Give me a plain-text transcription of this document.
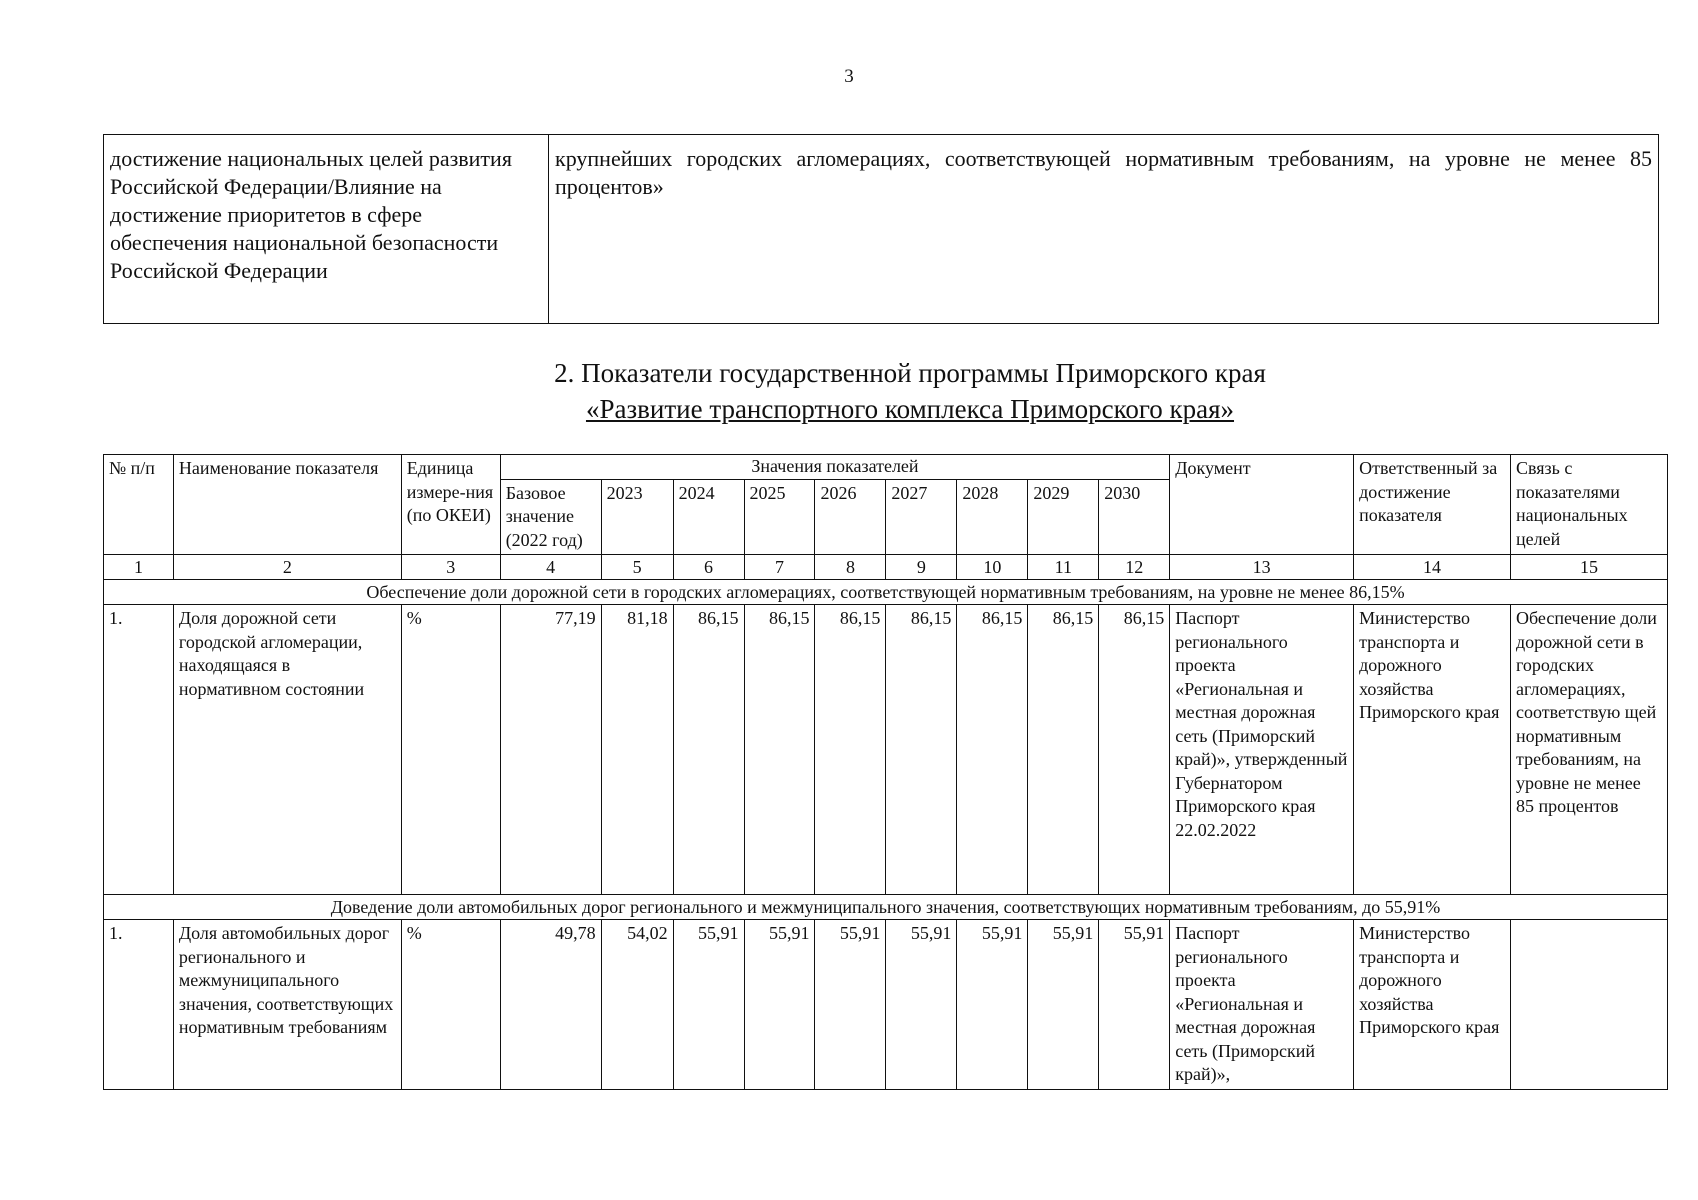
3
достижение национальных целей развития Российской Федерации/Влияние на достижение приоритетов в сфере обеспечения национальной безопасности Российской Федерации	крупнейших городских агломерациях, соответствующей нормативным требованиям, на уровне не менее 85 процентов»
2. Показатели государственной программы Приморского края
«Развитие транспортного комплекса Приморского края»
№ п/п	Наименование показателя	Единица измере-ния (по ОКЕИ)	Значения показателей									Документ	Ответственный за достижение показателя	Связь с показателями национальных целей
			Базовое значение (2022 год)	2023	2024	2025	2026	2027	2028	2029	2030			
1	2	3	4	5	6	7	8	9	10	11	12	13	14	15
Обеспечение доли дорожной сети в городских агломерациях, соответствующей нормативным требованиям, на уровне не менее 86,15%														
1.	Доля дорожной сети городской агломерации, находящаяся в нормативном состоянии	%	77,19	81,18	86,15	86,15	86,15	86,15	86,15	86,15	86,15	Паспорт регионального проекта «Региональная и местная дорожная сеть (Приморский край)», утвержденный Губернатором Приморского края 22.02.2022	Министерство транспорта и дорожного хозяйства Приморского края	Обеспечение доли дорожной сети в городских агломерациях, соответствую щей нормативным требованиям, на уровне не менее 85 процентов
Доведение доли автомобильных дорог регионального и межмуниципального значения, соответствующих нормативным требованиям, до 55,91%														
1.	Доля автомобильных дорог регионального и межмуниципального значения, соответствующих нормативным требованиям	%	49,78	54,02	55,91	55,91	55,91	55,91	55,91	55,91	55,91	Паспорт регионального проекта «Региональная и местная дорожная сеть (Приморский край)»,	Министерство транспорта и дорожного хозяйства Приморского края	
